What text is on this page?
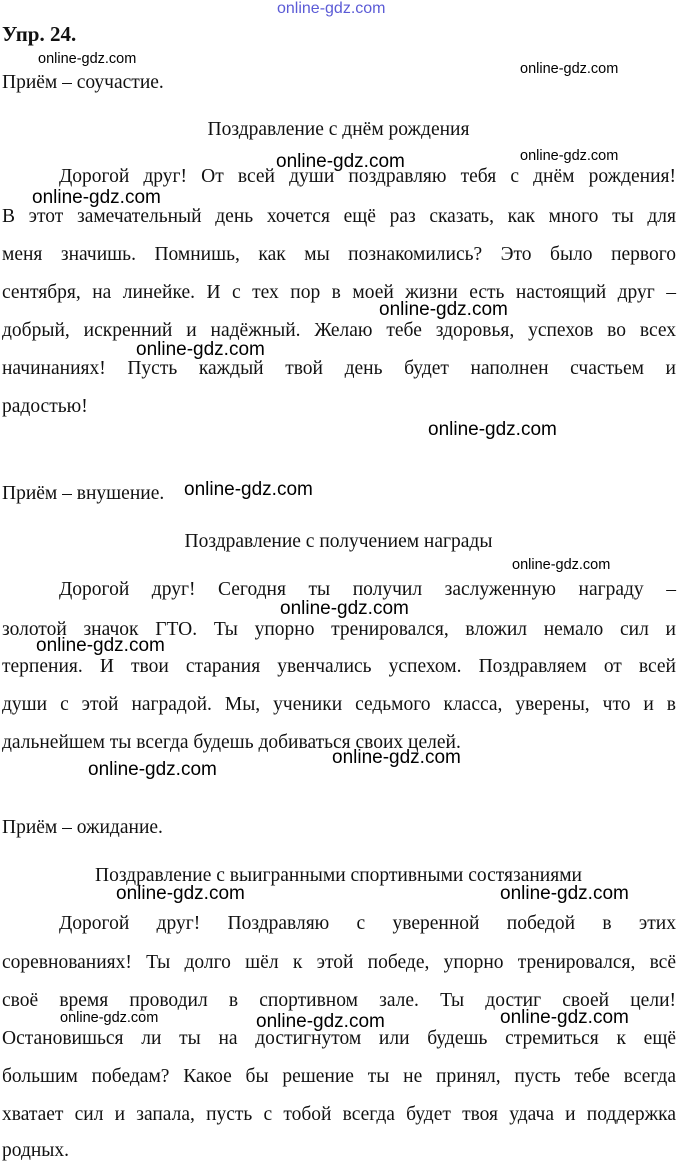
online-gdz.com
Упр. 24.
Приём – соучастие.
Поздравление с днём рождения
Дорогой друг! От всей души поздравляю тебя с днём рождения!
В этот замечательный день хочется ещё раз сказать, как много ты для
меня значишь. Помнишь, как мы познакомились? Это было первого
сентября, на линейке. И с тех пор в моей жизни есть настоящий друг –
добрый, искренний и надёжный. Желаю тебе здоровья, успехов во всех
начинаниях! Пусть каждый твой день будет наполнен счастьем и
радостью!
Приём – внушение.
Поздравление с получением награды
Дорогой друг! Сегодня ты получил заслуженную награду –
золотой значок ГТО. Ты упорно тренировался, вложил немало сил и
терпения. И твои старания увенчались успехом. Поздравляем от всей
души с этой наградой. Мы, ученики седьмого класса, уверены, что и в
дальнейшем ты всегда будешь добиваться своих целей.
Приём – ожидание.
Поздравление с выигранными спортивными состязаниями
Дорогой друг! Поздравляю с уверенной победой в этих
соревнованиях! Ты долго шёл к этой победе, упорно тренировался, всё
своё время проводил в спортивном зале. Ты достиг своей цели!
Остановишься ли ты на достигнутом или будешь стремиться к ещё
большим победам? Какое бы решение ты не принял, пусть тебе всегда
хватает сил и запала, пусть с тобой всегда будет твоя удача и поддержка
родных.
online-gdz.com
online-gdz.com
online-gdz.com	online-gdz.com
online-gdz.com
online-gdz.com
online-gdz.com
online-gdz.com
online-gdz.com
online-gdz.com
online-gdz.com
online-gdz.com
online-gdz.com
online-gdz.com
online-gdz.com	online-gdz.com
online-gdz.com	online-gdz.com	online-gdz.com
